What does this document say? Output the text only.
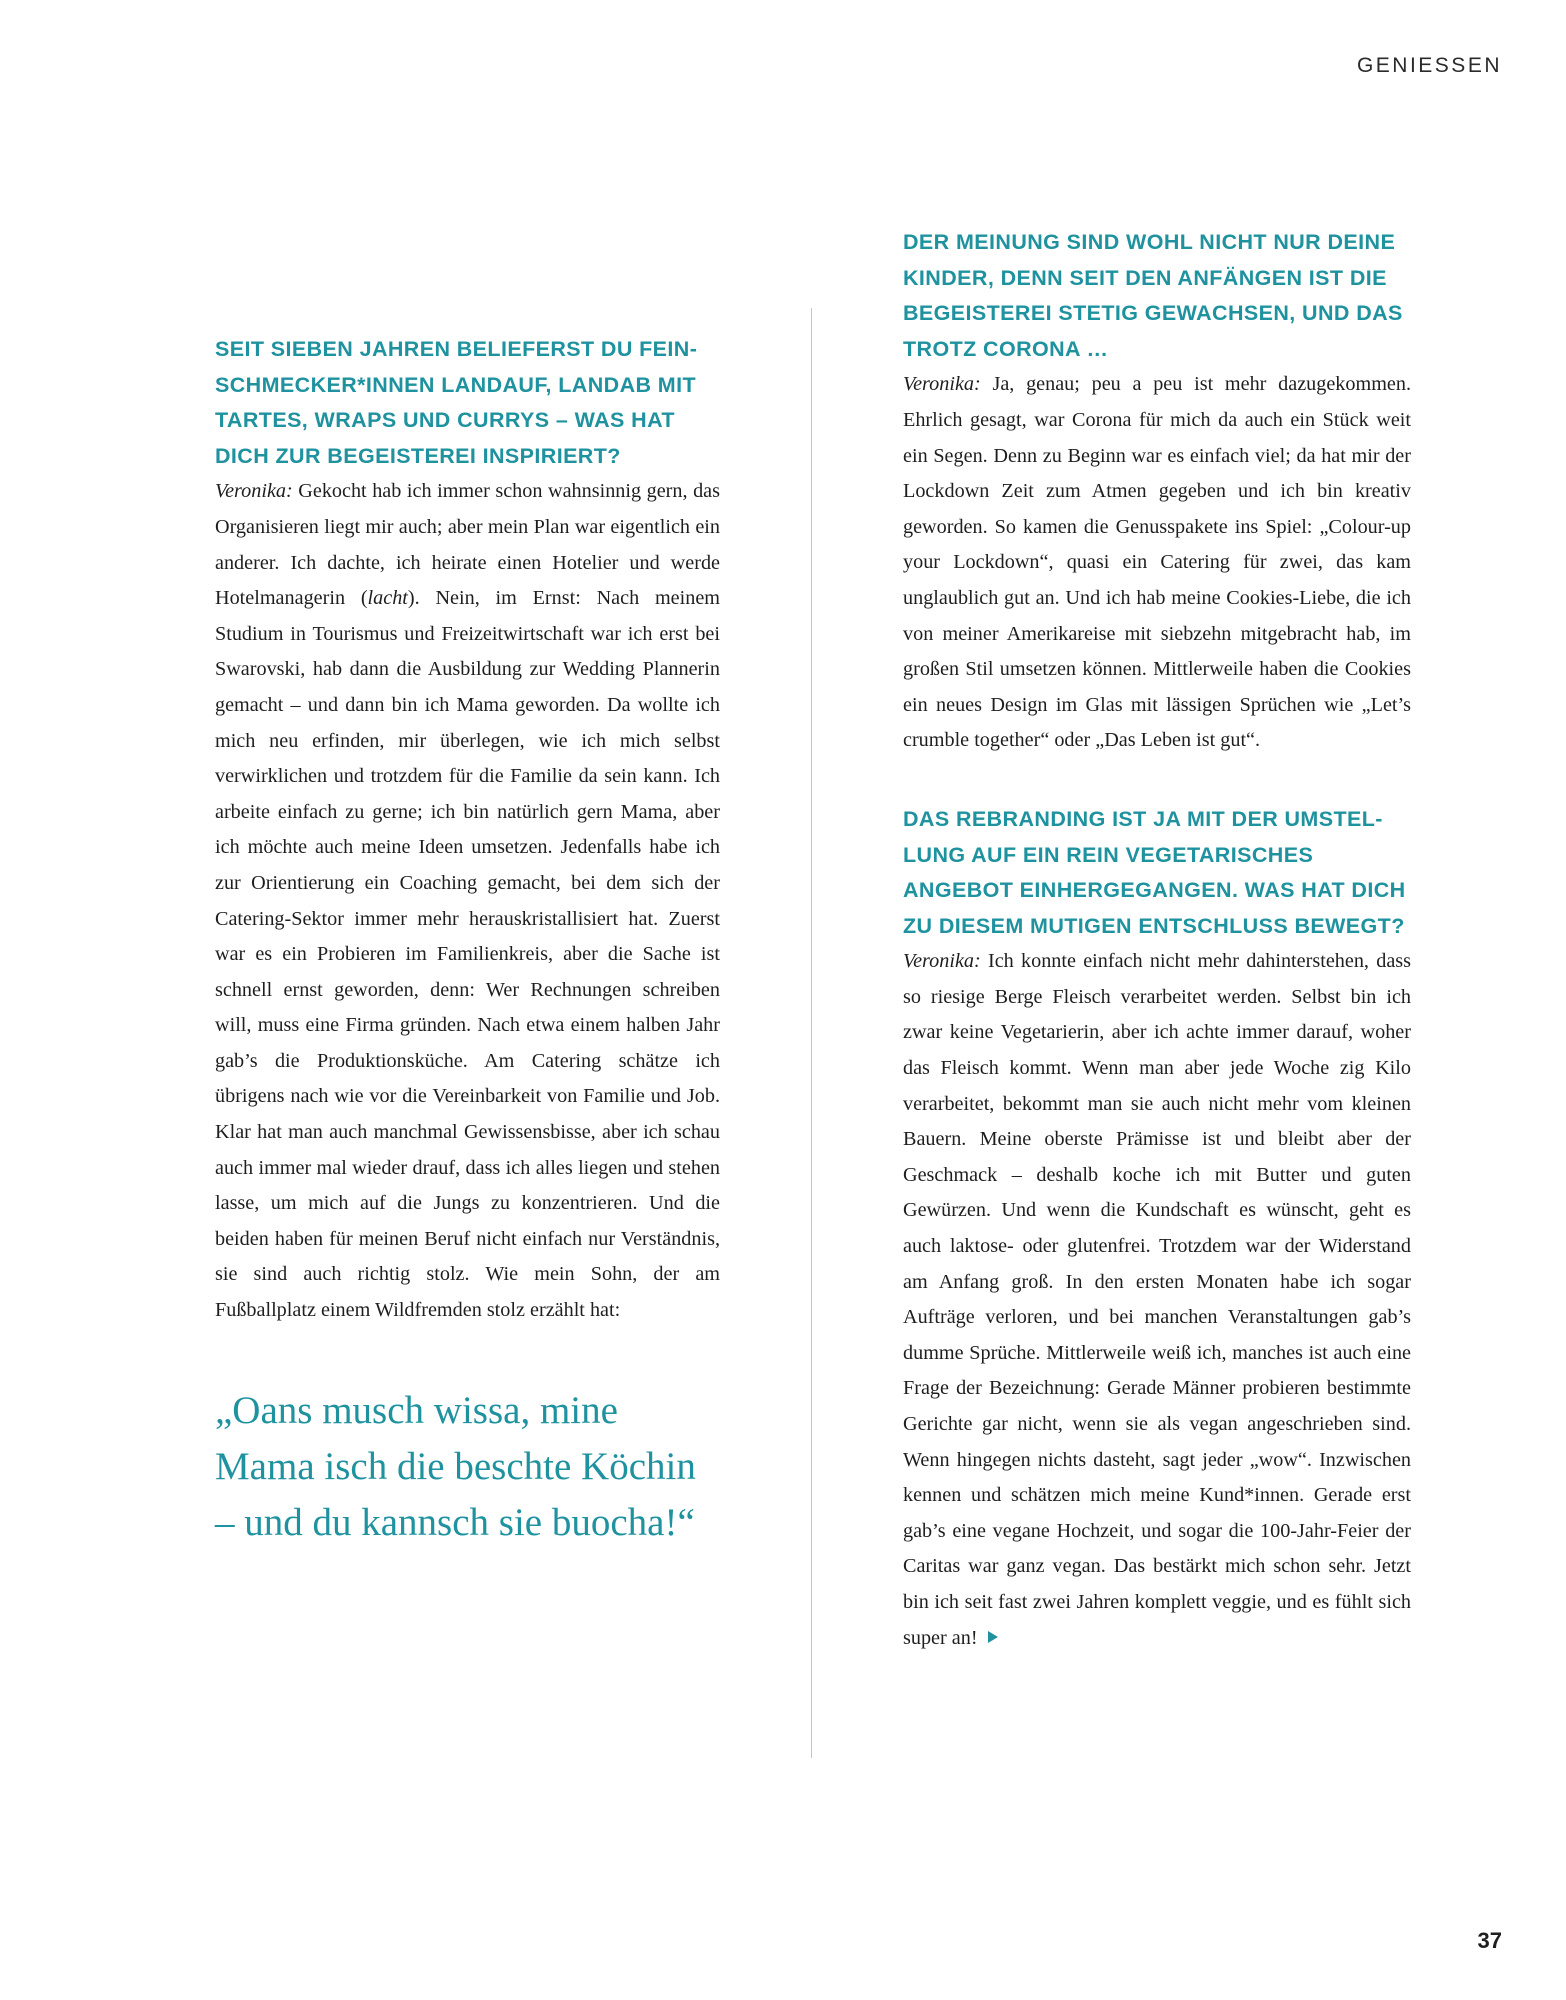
GENIESSEN
SEIT SIEBEN JAHREN BELIEFERST DU FEINSCHMECKER*INNEN LANDAUF, LANDAB MIT TARTES, WRAPS UND CURRYS – WAS HAT DICH ZUR BEGEISTEREI INSPIRIERT?

Veronika: Gekocht hab ich immer schon wahnsinnig gern, das Organisieren liegt mir auch; aber mein Plan war eigentlich ein anderer. Ich dachte, ich heirate einen Hotelier und werde Hotelmanagerin (lacht). Nein, im Ernst: Nach meinem Studium in Tourismus und Freizeitwirtschaft war ich erst bei Swarovski, hab dann die Ausbildung zur Wedding Plannerin gemacht – und dann bin ich Mama geworden. Da wollte ich mich neu erfinden, mir überlegen, wie ich mich selbst verwirklichen und trotzdem für die Familie da sein kann. Ich arbeite einfach zu gerne; ich bin natürlich gern Mama, aber ich möchte auch meine Ideen umsetzen. Jedenfalls habe ich zur Orientierung ein Coaching gemacht, bei dem sich der Catering-Sektor immer mehr herauskristallisiert hat. Zuerst war es ein Probieren im Familienkreis, aber die Sache ist schnell ernst geworden, denn: Wer Rechnungen schreiben will, muss eine Firma gründen. Nach etwa einem halben Jahr gab’s die Produktionsküche. Am Catering schätze ich übrigens nach wie vor die Vereinbarkeit von Familie und Job. Klar hat man auch manchmal Gewissensbisse, aber ich schau auch immer mal wieder drauf, dass ich alles liegen und stehen lasse, um mich auf die Jungs zu konzentrieren. Und die beiden haben für meinen Beruf nicht einfach nur Verständnis, sie sind auch richtig stolz. Wie mein Sohn, der am Fußballplatz einem Wildfremden stolz erzählt hat:

„Oans musch wissa, mine Mama isch die beschte Köchin – und du kannsch sie buocha!“

DER MEINUNG SIND WOHL NICHT NUR DEINE KINDER, DENN SEIT DEN ANFÄNGEN IST DIE BEGEISTEREI STETIG GEWACHSEN, UND DAS TROTZ CORONA …

Veronika: Ja, genau; peu a peu ist mehr dazugekommen. Ehrlich gesagt, war Corona für mich da auch ein Stück weit ein Segen. Denn zu Beginn war es einfach viel; da hat mir der Lockdown Zeit zum Atmen gegeben und ich bin kreativ geworden. So kamen die Genusspakete ins Spiel: „Colour-up your Lockdown“, quasi ein Catering für zwei, das kam unglaublich gut an. Und ich hab meine Cookies-Liebe, die ich von meiner Amerikareise mit siebzehn mitgebracht hab, im großen Stil umsetzen können. Mittlerweile haben die Cookies ein neues Design im Glas mit lässigen Sprüchen wie „Let’s crumble together“ oder „Das Leben ist gut“.

DAS REBRANDING IST JA MIT DER UMSTELLUNG AUF EIN REIN VEGETARISCHES ANGEBOT EINHERGEGANGEN. WAS HAT DICH ZU DIESEM MUTIGEN ENTSCHLUSS BEWEGT?

Veronika: Ich konnte einfach nicht mehr dahinterstehen, dass so riesige Berge Fleisch verarbeitet werden. Selbst bin ich zwar keine Vegetarierin, aber ich achte immer darauf, woher das Fleisch kommt. Wenn man aber jede Woche zig Kilo verarbeitet, bekommt man sie auch nicht mehr vom kleinen Bauern. Meine oberste Prämisse ist und bleibt aber der Geschmack – deshalb koche ich mit Butter und guten Gewürzen. Und wenn die Kundschaft es wünscht, geht es auch laktose- oder glutenfrei. Trotzdem war der Widerstand am Anfang groß. In den ersten Monaten habe ich sogar Aufträge verloren, und bei manchen Veranstaltungen gab’s dumme Sprüche. Mittlerweile weiß ich, manches ist auch eine Frage der Bezeichnung: Gerade Männer probieren bestimmte Gerichte gar nicht, wenn sie als vegan angeschrieben sind. Wenn hingegen nichts dasteht, sagt jeder „wow“. Inzwischen kennen und schätzen mich meine Kund*innen. Gerade erst gab’s eine vegane Hochzeit, und sogar die 100-Jahr-Feier der Caritas war ganz vegan. Das bestärkt mich schon sehr. Jetzt bin ich seit fast zwei Jahren komplett veggie, und es fühlt sich super an!

37
